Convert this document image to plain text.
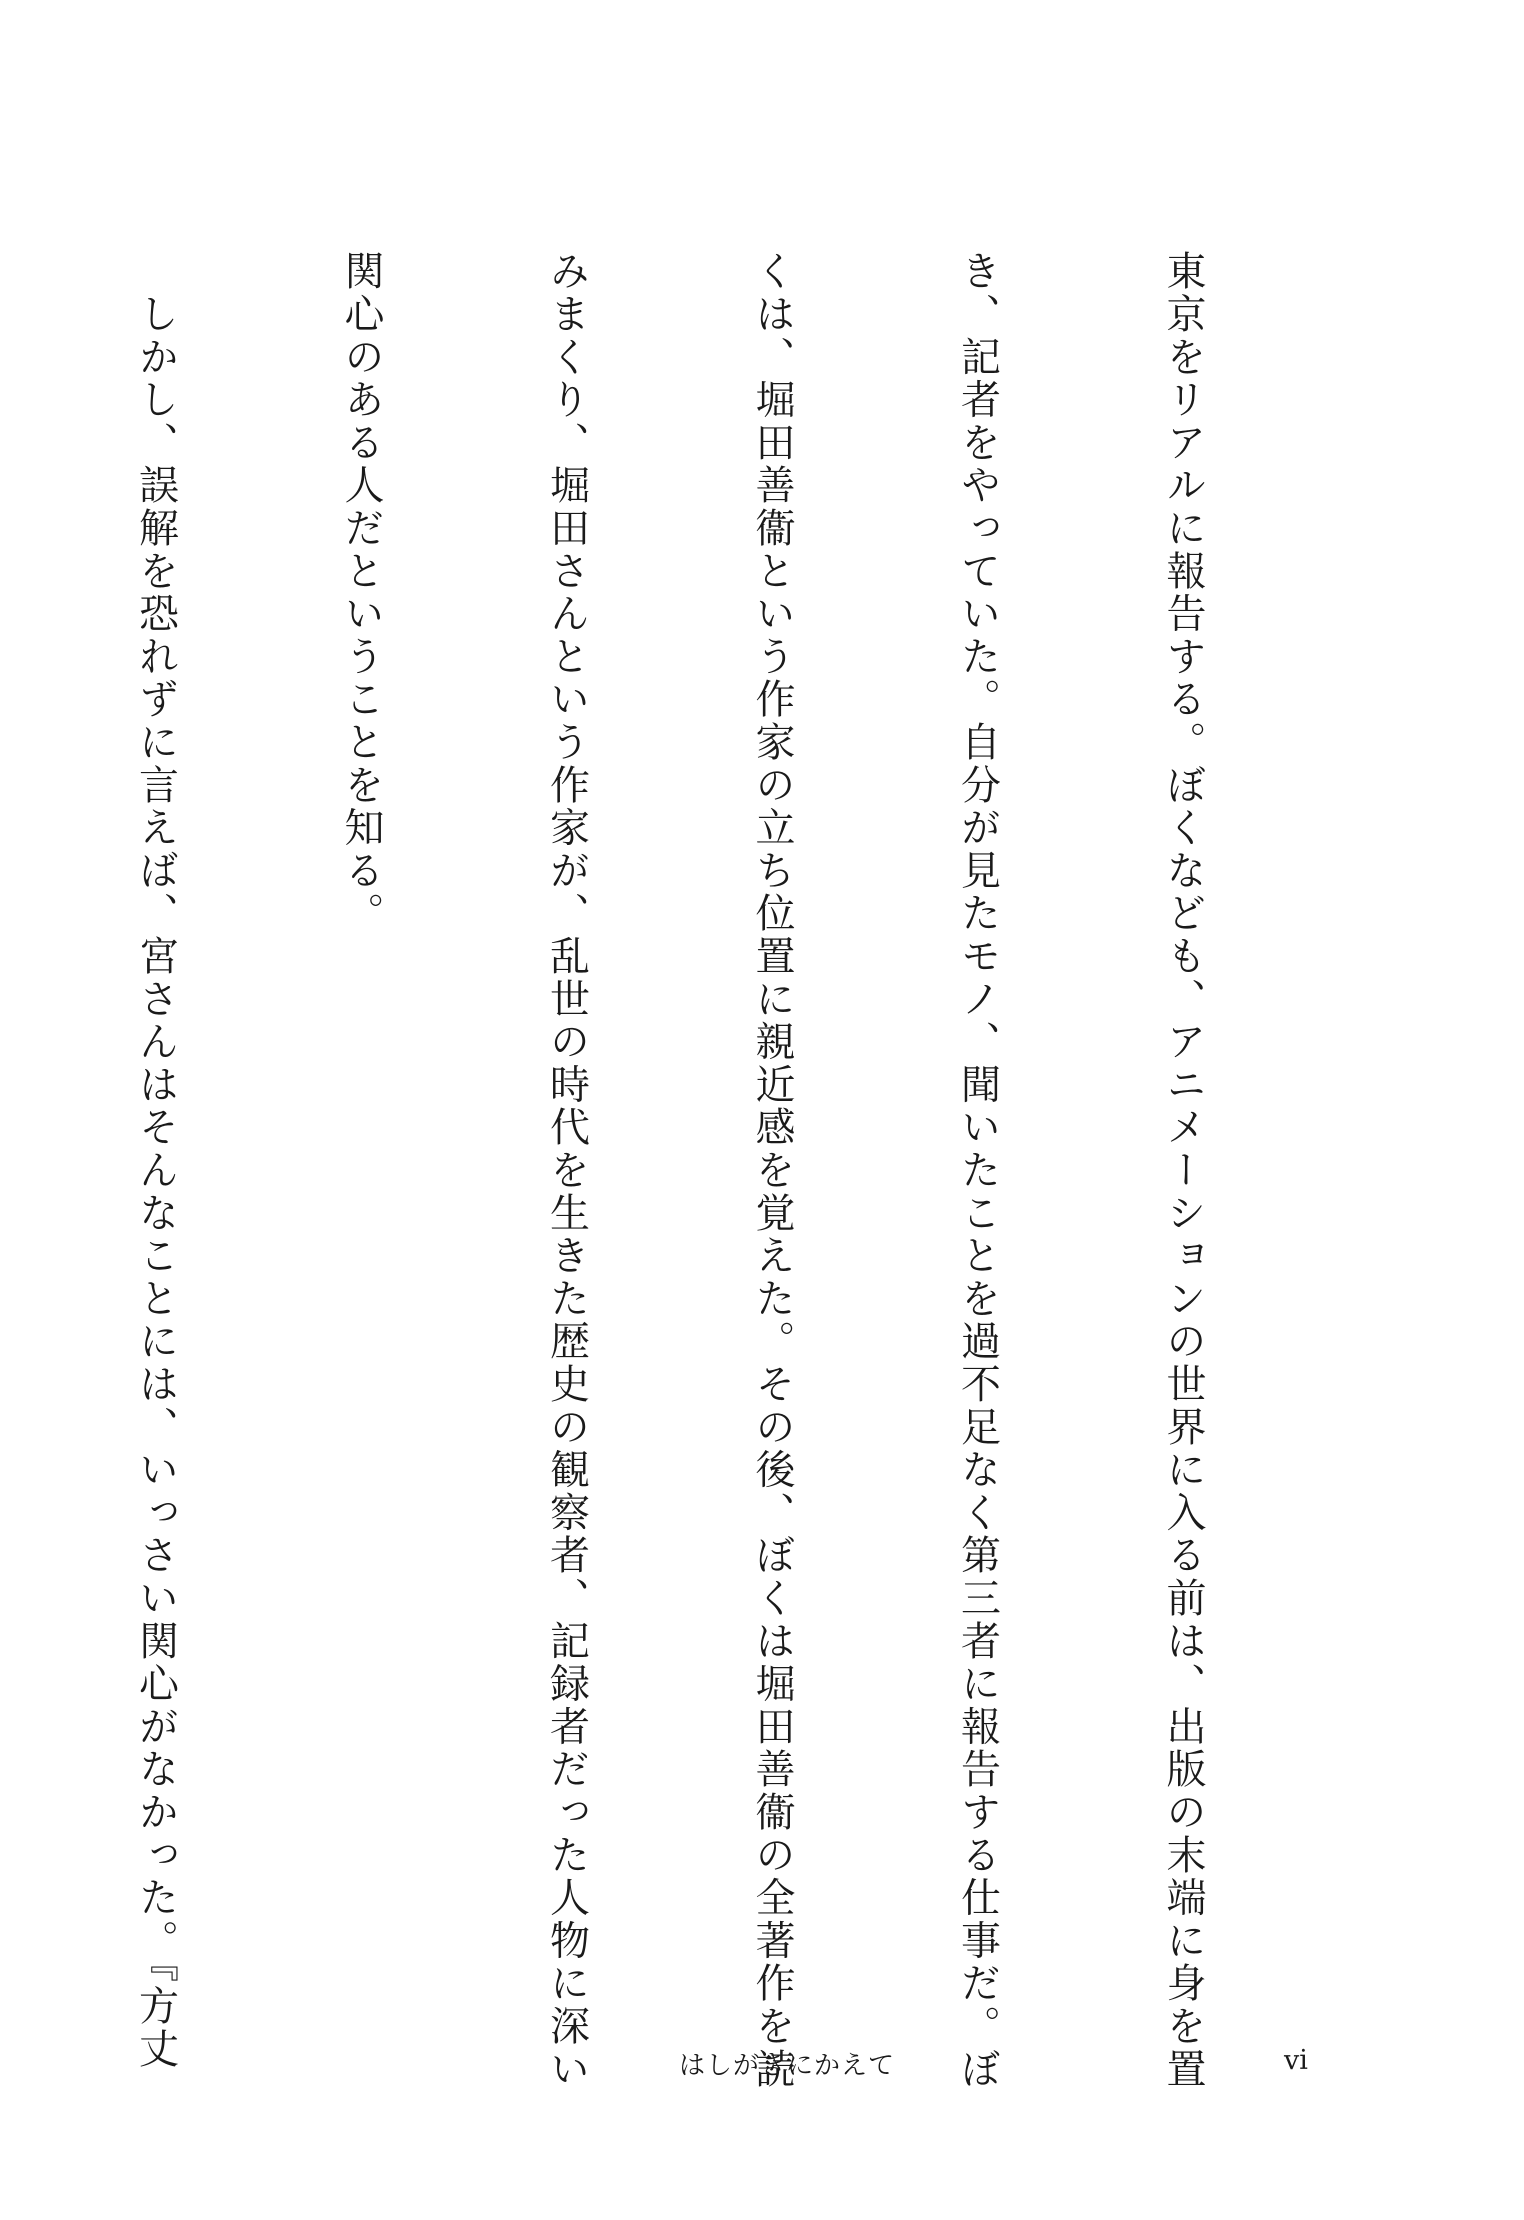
東京をリアルに報告する。ぼくなども、アニメーションの世界に入る前は、出版の末端に身を置

き、記者をやっていた。自分が見たモノ、聞いたことを過不足なく第三者に報告する仕事だ。ぼ

くは、堀田善衞という作家の立ち位置に親近感を覚えた。その後、ぼくは堀田善衞の全著作を読

みまくり、堀田さんという作家が、乱世の時代を生きた歴史の観察者、記録者だった人物に深い

関心のある人だということを知る。

　しかし、誤解を恐れずに言えば、宮さんはそんなことには、いっさい関心がなかった。『方丈

	はしがきにかえて	vi
